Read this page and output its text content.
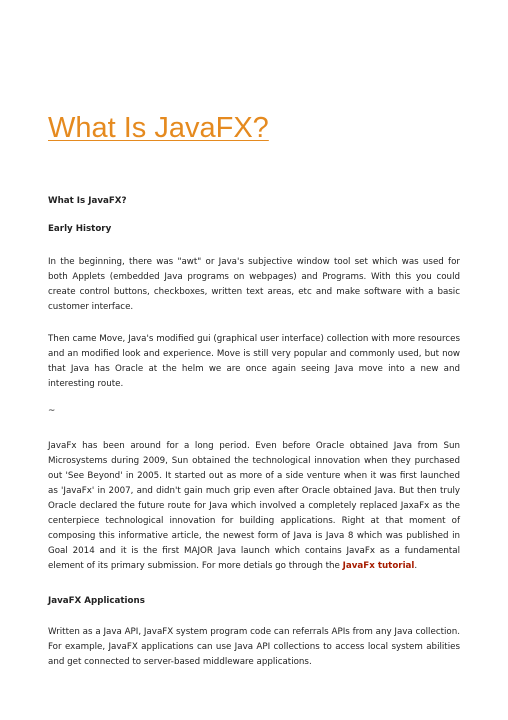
What Is JavaFX?

What Is JavaFX?

Early History

In the beginning, there was "awt" or Java's subjective window tool set which was used for both Applets (embedded Java programs on webpages) and Programs. With this you could create control buttons, checkboxes, written text areas, etc and make software with a basic customer interface.

Then came Move, Java's modified gui (graphical user interface) collection with more resources and an modified look and experience. Move is still very popular and commonly used, but now that Java has Oracle at the helm we are once again seeing Java move into a new and interesting route.

~

JavaFx has been around for a long period. Even before Oracle obtained Java from Sun Microsystems during 2009, Sun obtained the technological innovation when they purchased out 'See Beyond' in 2005. It started out as more of a side venture when it was first launched as 'JavaFx' in 2007, and didn't gain much grip even after Oracle obtained Java. But then truly Oracle declared the future route for Java which involved a completely replaced JaxaFx as the centerpiece technological innovation for building applications. Right at that moment of composing this informative article, the newest form of Java is Java 8 which was published in Goal 2014 and it is the first MAJOR Java launch which contains JavaFx as a fundamental element of its primary submission. For more detials go through the JavaFx tutorial.

JavaFX Applications

Written as a Java API, JavaFX system program code can referrals APIs from any Java collection. For example, JavaFX applications can use Java API collections to access local system abilities and get connected to server-based middleware applications.
